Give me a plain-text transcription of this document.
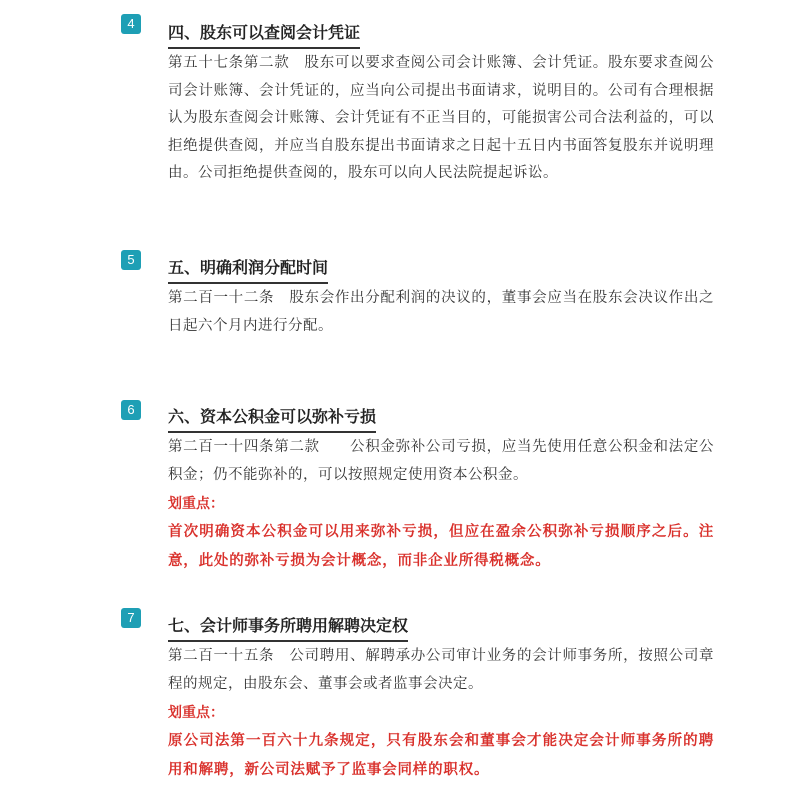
4	四、股东可以查阅会计凭证

第五十七条第二款　股东可以要求查阅公司会计账簿、会计凭证。股东要求查阅公司会计账簿、会计凭证的，应当向公司提出书面请求，说明目的。公司有合理根据认为股东查阅会计账簿、会计凭证有不正当目的，可能损害公司合法利益的，可以拒绝提供查阅，并应当自股东提出书面请求之日起十五日内书面答复股东并说明理由。公司拒绝提供查阅的，股东可以向人民法院提起诉讼。

5	五、明确利润分配时间

第二百一十二条　股东会作出分配利润的决议的，董事会应当在股东会决议作出之日起六个月内进行分配。

6	六、资本公积金可以弥补亏损

第二百一十四条第二款　　公积金弥补公司亏损，应当先使用任意公积金和法定公积金；仍不能弥补的，可以按照规定使用资本公积金。

划重点：

首次明确资本公积金可以用来弥补亏损，但应在盈余公积弥补亏损顺序之后。注意，此处的弥补亏损为会计概念，而非企业所得税概念。

7	七、会计师事务所聘用解聘决定权

第二百一十五条　公司聘用、解聘承办公司审计业务的会计师事务所，按照公司章程的规定，由股东会、董事会或者监事会决定。

划重点：

原公司法第一百六十九条规定，只有股东会和董事会才能决定会计师事务所的聘用和解聘，新公司法赋予了监事会同样的职权。
